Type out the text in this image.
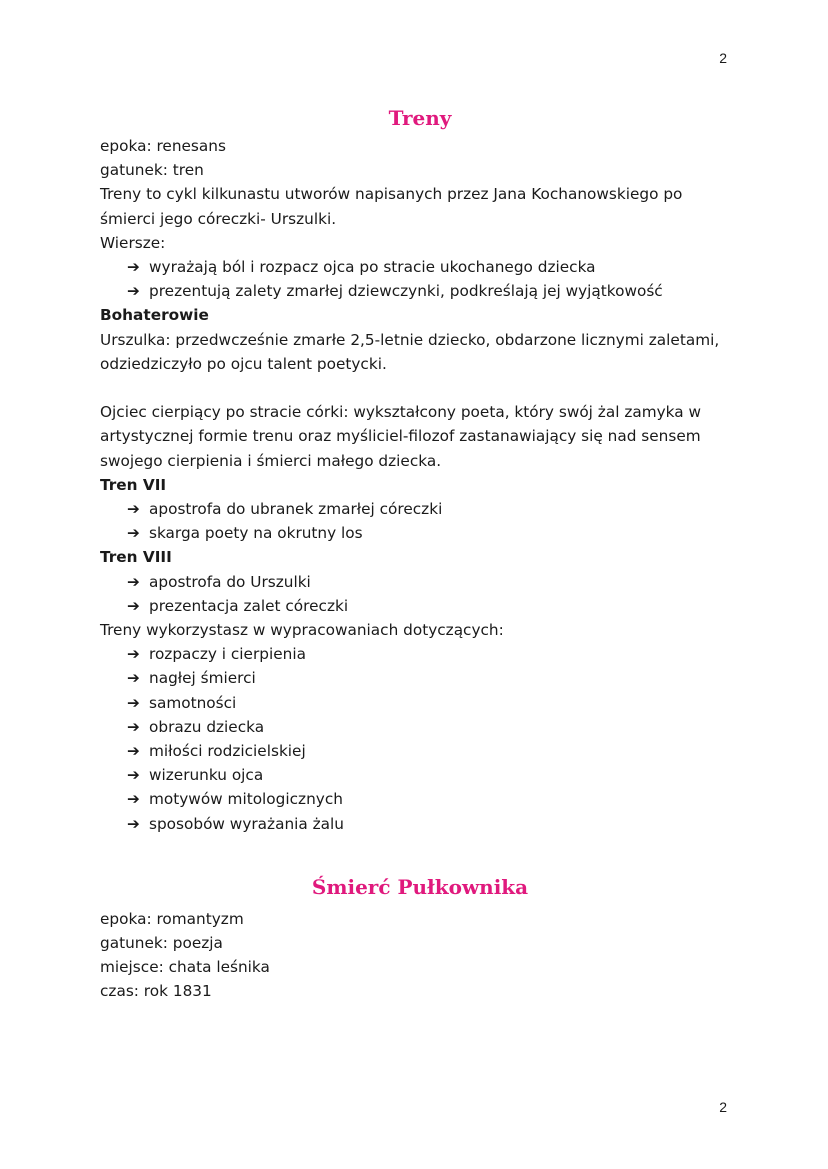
2
Treny
epoka: renesans
gatunek: tren
Treny to cykl kilkunastu utworów napisanych przez Jana Kochanowskiego po śmierci jego córeczki- Urszulki.
Wiersze:
➔ wyrażają ból i rozpacz ojca po stracie ukochanego dziecka
➔ prezentują zalety zmarłej dziewczynki, podkreślają jej wyjątkowość
Bohaterowie
Urszulka: przedwcześnie zmarłe 2,5-letnie dziecko, obdarzone licznymi zaletami, odziedziczyło po ojcu talent poetycki.
Ojciec cierpiący po stracie córki: wykształcony poeta, który swój żal zamyka w artystycznej formie trenu oraz myśliciel-filozof zastanawiający się nad sensem swojego cierpienia i śmierci małego dziecka.
Tren VII
➔ apostrofa do ubranek zmarłej córeczki
➔ skarga poety na okrutny los
Tren VIII
➔ apostrofa do Urszulki
➔ prezentacja zalet córeczki
Treny wykorzystasz w wypracowaniach dotyczących:
➔ rozpaczy i cierpienia
➔ nagłej śmierci
➔ samotności
➔ obrazu dziecka
➔ miłości rodzicielskiej
➔ wizerunku ojca
➔ motywów mitologicznych
➔ sposobów wyrażania żalu
Śmierć Pułkownika
epoka: romantyzm
gatunek: poezja
miejsce: chata leśnika
czas: rok 1831
2
